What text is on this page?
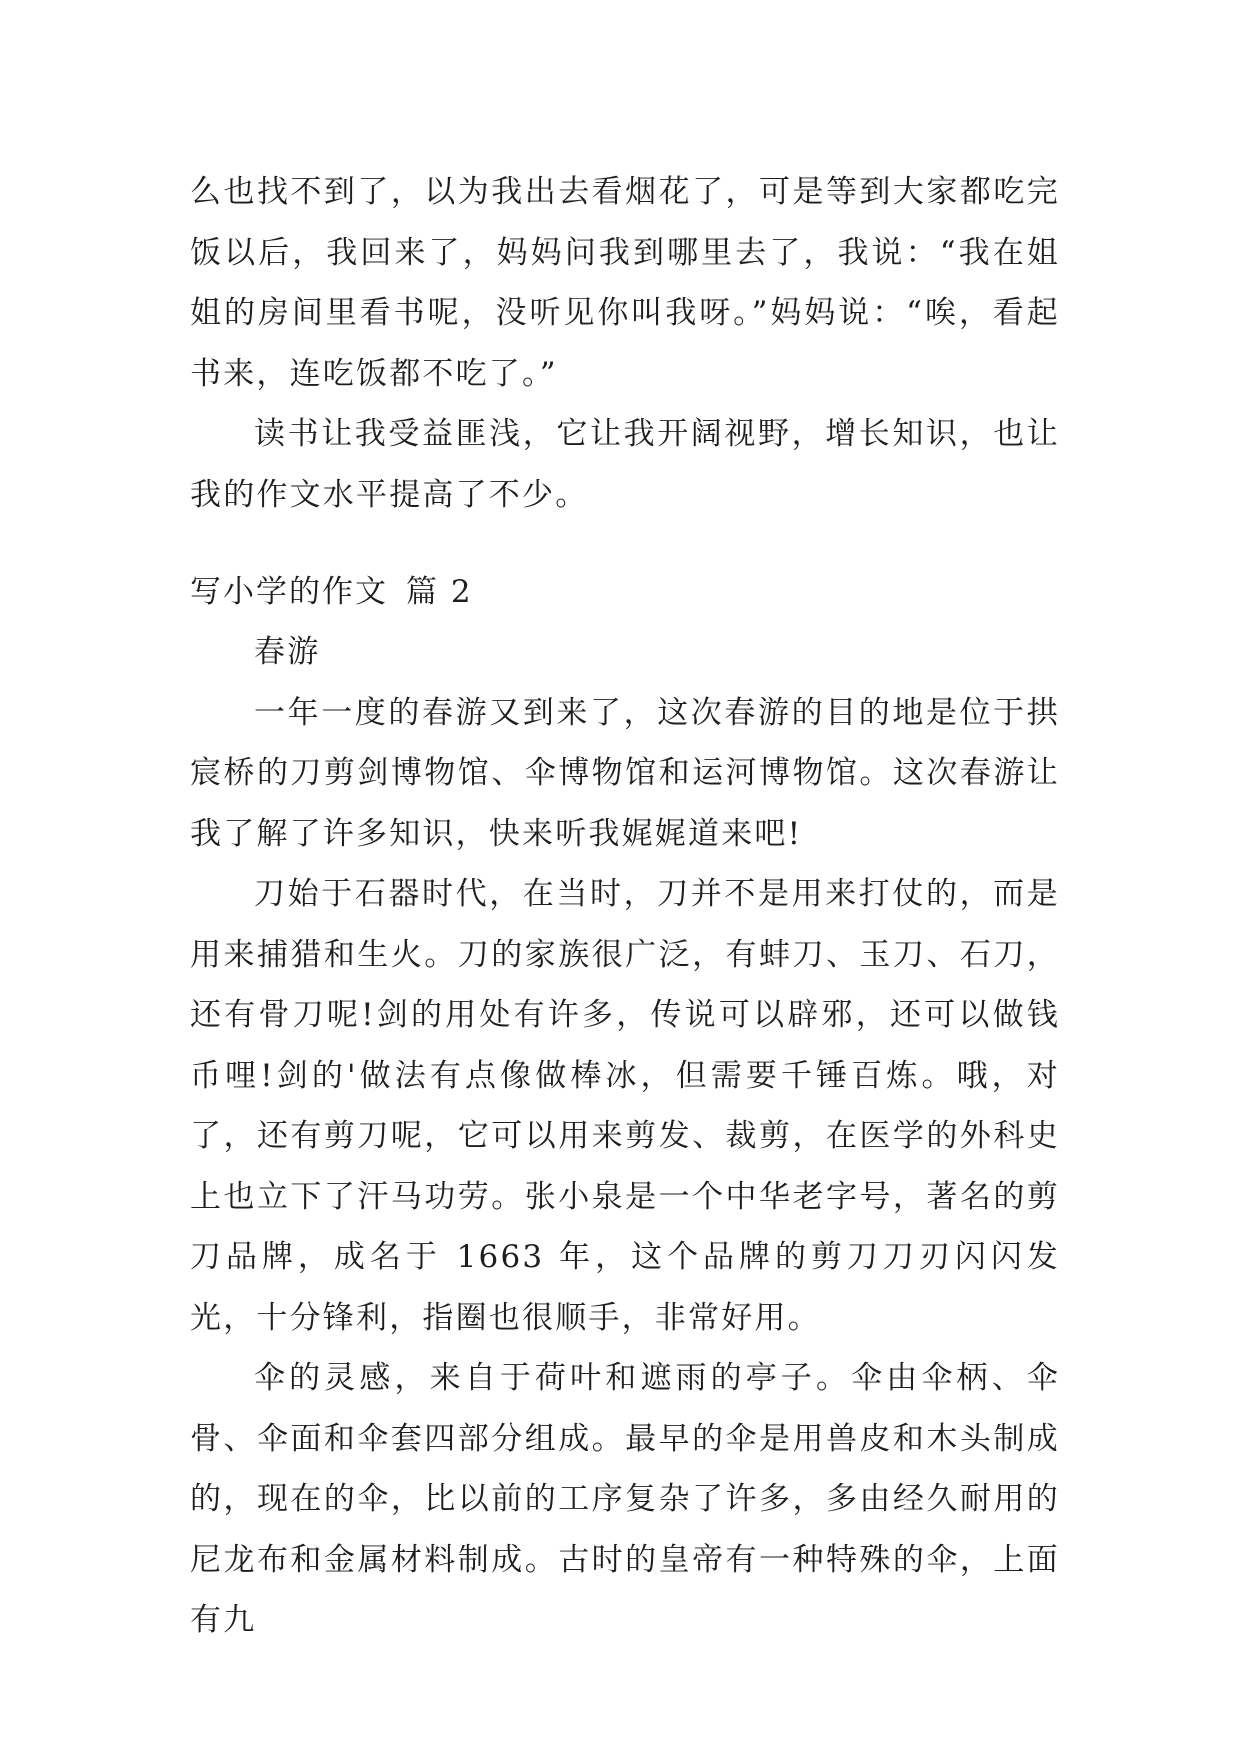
么也找不到了，以为我出去看烟花了，可是等到大家都吃完饭以后，我回来了，妈妈问我到哪里去了，我说：“我在姐姐的房间里看书呢，没听见你叫我呀。”妈妈说：“唉，看起书来，连吃饭都不吃了。”

读书让我受益匪浅，它让我开阔视野，增长知识，也让我的作文水平提高了不少。

写小学的作文 篇 2

春游

一年一度的春游又到来了，这次春游的目的地是位于拱宸桥的刀剪剑博物馆、伞博物馆和运河博物馆。这次春游让我了解了许多知识，快来听我娓娓道来吧!

刀始于石器时代，在当时，刀并不是用来打仗的，而是用来捕猎和生火。刀的家族很广泛，有蚌刀、玉刀、石刀，还有骨刀呢!剑的用处有许多，传说可以辟邪，还可以做钱币哩!剑的'做法有点像做棒冰，但需要千锤百炼。哦，对了，还有剪刀呢，它可以用来剪发、裁剪，在医学的外科史上也立下了汗马功劳。张小泉是一个中华老字号，著名的剪刀品牌，成名于 1663 年，这个品牌的剪刀刀刃闪闪发光，十分锋利，指圈也很顺手，非常好用。

伞的灵感，来自于荷叶和遮雨的亭子。伞由伞柄、伞骨、伞面和伞套四部分组成。最早的伞是用兽皮和木头制成的，现在的伞，比以前的工序复杂了许多，多由经久耐用的尼龙布和金属材料制成。古时的皇帝有一种特殊的伞，上面有九
